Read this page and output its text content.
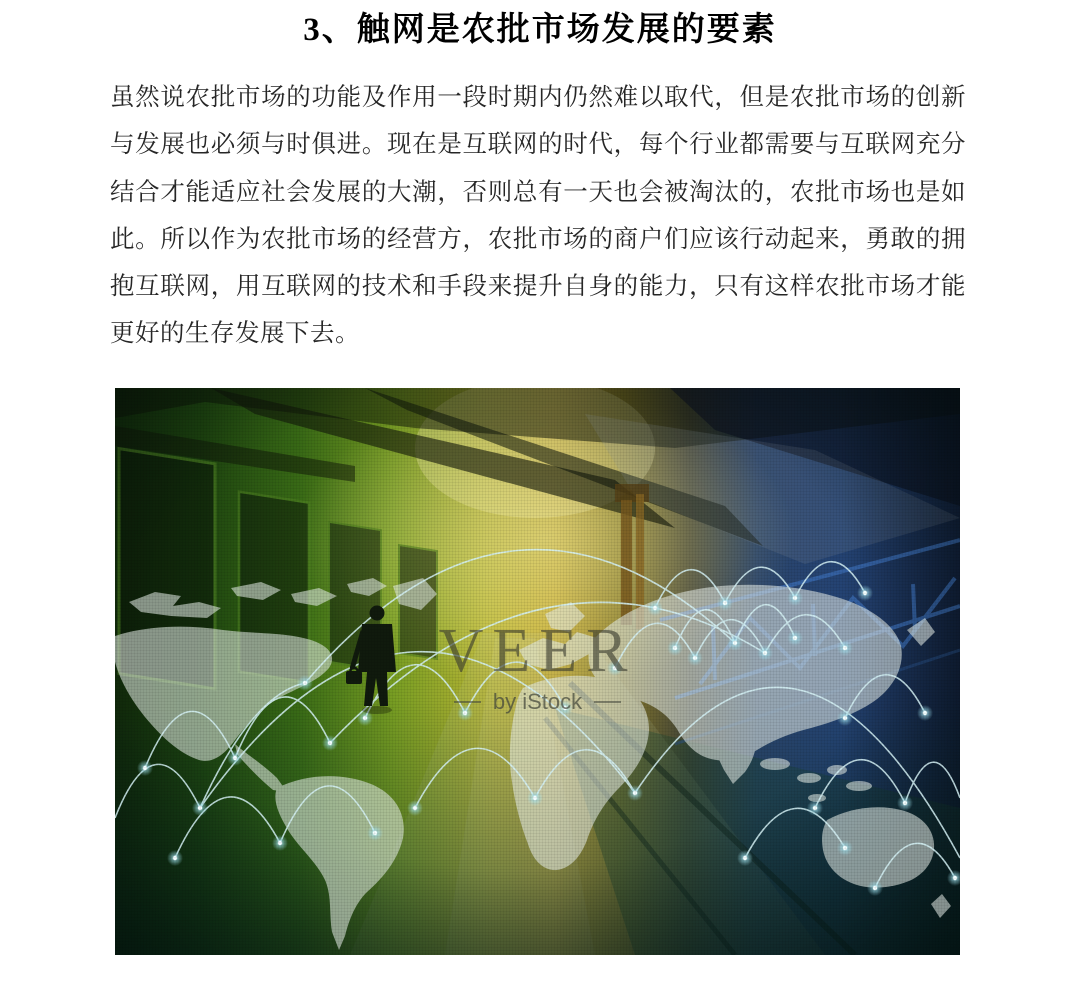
3、触网是农批市场发展的要素

虽然说农批市场的功能及作用一段时期内仍然难以取代，但是农批市场的创新与发展也必须与时俱进。现在是互联网的时代，每个行业都需要与互联网充分结合才能适应社会发展的大潮，否则总有一天也会被淘汰的，农批市场也是如此。所以作为农批市场的经营方，农批市场的商户们应该行动起来，勇敢的拥抱互联网，用互联网的技术和手段来提升自身的能力，只有这样农批市场才能更好的生存发展下去。

VEER
by iStock
